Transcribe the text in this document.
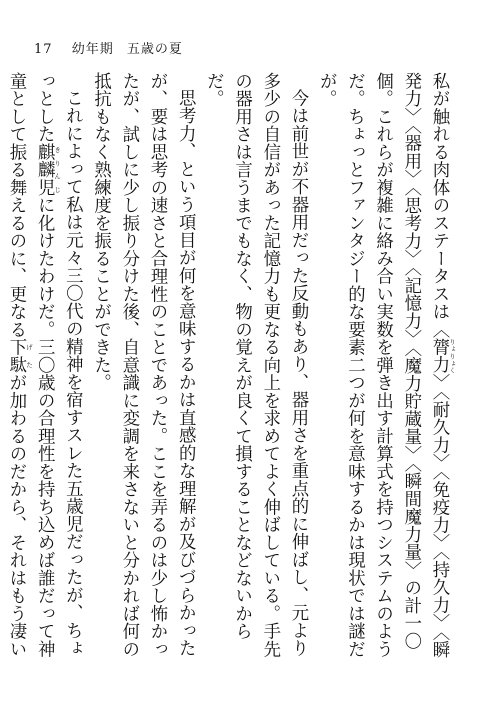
17 幼年期 五歳の夏

私が触れる肉体のステータスは〈膂力 りょりょく〉〈耐久力〉〈免疫力〉〈持久力〉〈瞬発力〉〈器用〉〈思考力〉〈記憶力〉〈魔力貯蔵量〉〈瞬間魔力量〉の計一〇個。これらが複雑に絡み合い実数を弾き出す計算式を持つシステムのようだ。ちょっとファンタジー的な要素二つが何を意味するかは現状では謎だが。

今は前世が不器用だった反動もあり、器用さを重点的に伸ばし、元より多少の自信があった記憶力も更なる向上を求めてよく伸ばしている。手先の器用さは言うまでもなく、物の覚えが良くて損することなどないからだ。

思考力、という項目が何を意味するかは直感的な理解が及びづらかったが、要は思考の速さと合理性のことであった。ここを弄るのは少し怖かったが、試しに少し振り分けた後、自意識に変調を来さないと分かれば何の抵抗もなく熟練度を振ることができた。

これによって私は元々三〇代の精神を宿すスレた五歳児だったが、ちょっとした麒麟児 きりんじに化けたわけだ。三〇歳の合理性を持ち込めば誰だって神童として振る舞えるのに、更なる下駄 げたが加わるのだから、それはもう凄い
